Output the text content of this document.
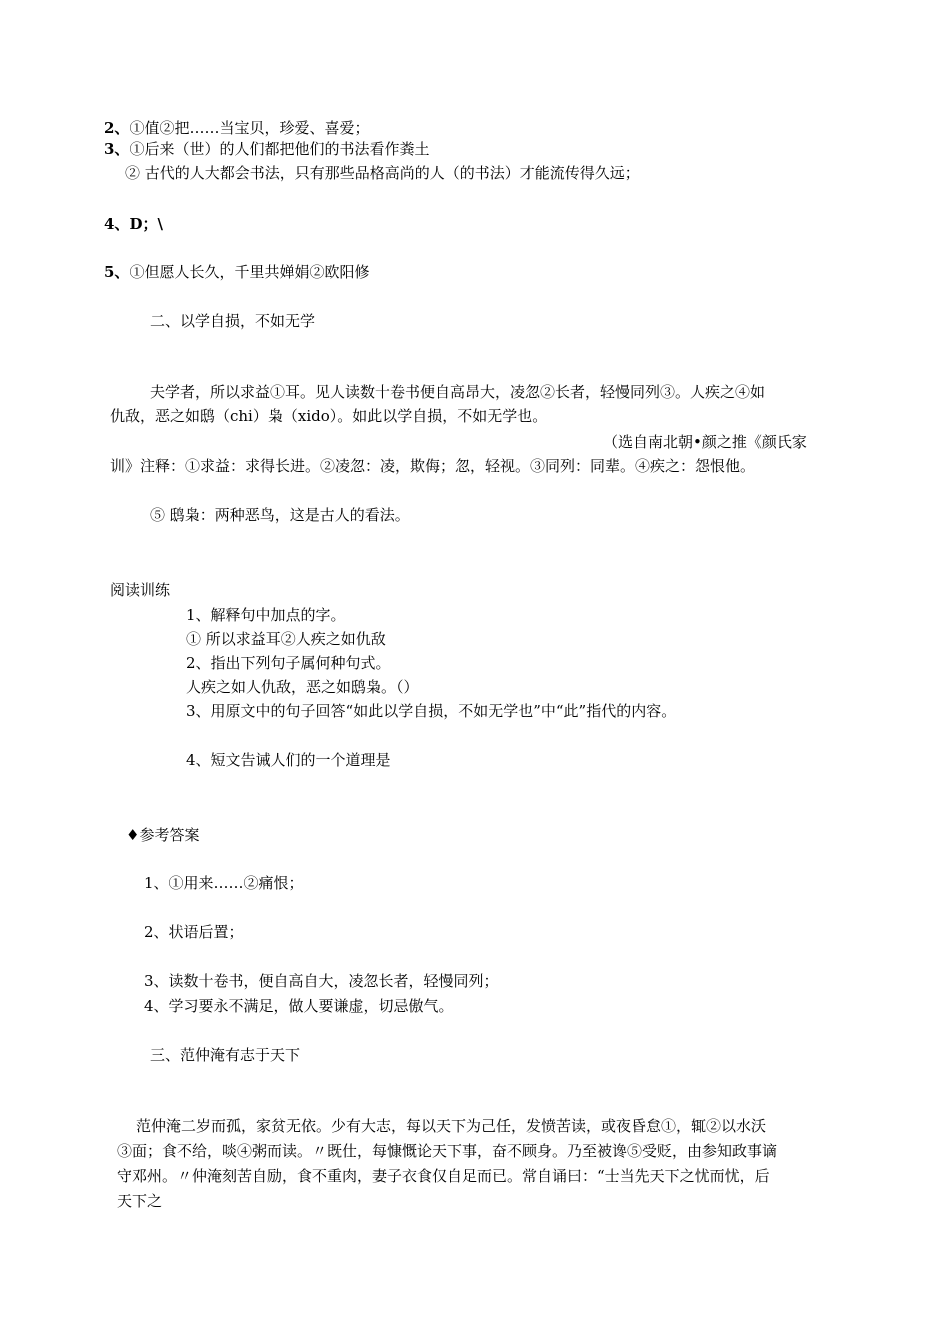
2、①值②把……当宝贝，珍爱、喜爱；
3、①后来（世）的人们都把他们的书法看作粪土
② 古代的人大都会书法，只有那些品格高尚的人（的书法）才能流传得久远；
4、D；\
5、①但愿人长久，千里共婵娟②欧阳修
二、以学自损，不如无学
夫学者，所以求益①耳。见人读数十卷书便自高昂大，凌忽②长者，轻慢同列③。人疾之④如
仇敌，恶之如鸱（chi）枭（xido）。如此以学自损，不如无学也。
（选自南北朝•颜之推《颜氏家
训》注释：①求益：求得长进。②凌忽：凌，欺侮；忽，轻视。③同列：同辈。④疾之：怨恨他。
⑤ 鸱枭：两种恶鸟，这是古人的看法。
阅读训练
1、解释句中加点的字。
① 所以求益耳②人疾之如仇敌
2、指出下列句子属何种句式。
人疾之如人仇敌，恶之如鸱枭。（）
3、用原文中的句子回答“如此以学自损，不如无学也”中“此”指代的内容。
4、短文告诫人们的一个道理是
♦参考答案
1、①用来……②痛恨；
2、状语后置；
3、读数十卷书，便自高自大，凌忽长者，轻慢同列；
4、学习要永不满足，做人要谦虚，切忌傲气。
三、范仲淹有志于天下
范仲淹二岁而孤，家贫无依。少有大志，每以天下为己任，发愤苦读，或夜昏怠①，辄②以水沃
③面；食不给，啖④粥而读。〃既仕，每慷慨论天下事，奋不顾身。乃至被谗⑤受贬，由参知政事谪
守邓州。〃仲淹刻苦自励，食不重肉，妻子衣食仅自足而已。常自诵曰：“士当先天下之忧而忧，后
天下之
